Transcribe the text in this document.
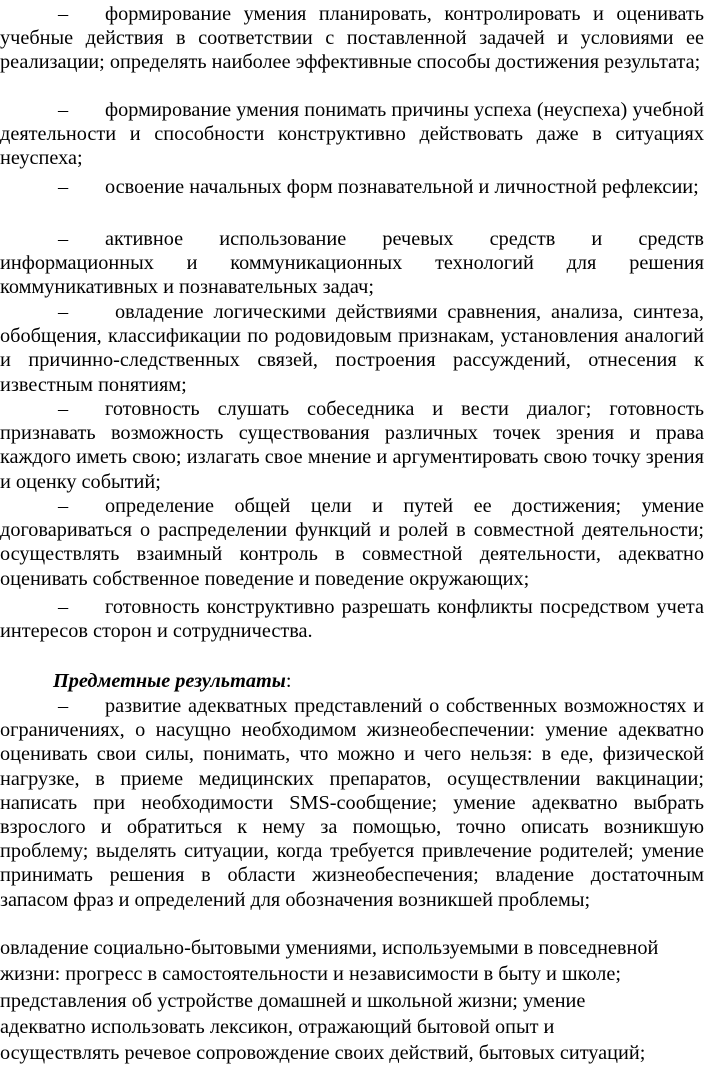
– формирование умения планировать, контролировать и оценивать учебные действия в соответствии с поставленной задачей и условиями ее реализации; определять наиболее эффективные способы достижения результата;
– формирование умения понимать причины успеха (неуспеха) учебной деятельности и способности конструктивно действовать даже в ситуациях неуспеха;
– освоение начальных форм познавательной и личностной рефлексии;
– активное использование речевых средств и средств информационных и коммуникационных технологий для решения коммуникативных и познавательных задач;
– овладение логическими действиями сравнения, анализа, синтеза, обобщения, классификации по родовидовым признакам, установления аналогий и причинно-следственных связей, построения рассуждений, отнесения к известным понятиям;
– готовность слушать собеседника и вести диалог; готовность признавать возможность существования различных точек зрения и права каждого иметь свою; излагать свое мнение и аргументировать свою точку зрения и оценку событий;
– определение общей цели и путей ее достижения; умение договариваться о распределении функций и ролей в совместной деятельности; осуществлять взаимный контроль в совместной деятельности, адекватно оценивать собственное поведение и поведение окружающих;
– готовность конструктивно разрешать конфликты посредством учета интересов сторон и сотрудничества.
Предметные результаты:
– развитие адекватных представлений о собственных возможностях и ограничениях, о насущно необходимом жизнеобеспечении: умение адекватно оценивать свои силы, понимать, что можно и чего нельзя: в еде, физической нагрузке, в приеме медицинских препаратов, осуществлении вакцинации; написать при необходимости SMS-сообщение; умение адекватно выбрать взрослого и обратиться к нему за помощью, точно описать возникшую проблему; выделять ситуации, когда требуется привлечение родителей; умение принимать решения в области жизнеобеспечения; владение достаточным запасом фраз и определений для обозначения возникшей проблемы;
овладение социально-бытовыми умениями, используемыми в повседневной
жизни: прогресс в самостоятельности и независимости в быту и школе;
представления об устройстве домашней и школьной жизни; умение
адекватно использовать лексикон, отражающий бытовой опыт и
осуществлять речевое сопровождение своих действий, бытовых ситуаций;
